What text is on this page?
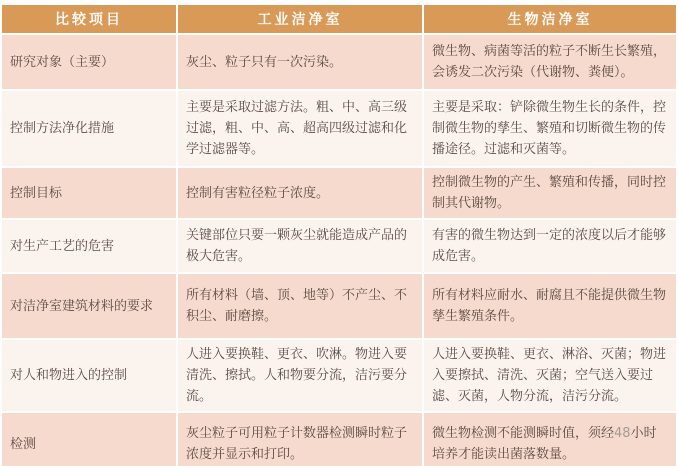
比较项目	工业洁净室	生物洁净室
研究对象（主要）	灰尘、粒子只有一次污染。	微生物、病菌等活的粒子不断生长繁殖，会诱发二次污染（代谢物、粪便）。
控制方法净化措施	主要是采取过滤方法。粗、中、高三级过滤，粗、中、高、超高四级过滤和化学过滤器等。	主要是采取：铲除微生物生长的条件，控制微生物的孳生、繁殖和切断微生物的传播途径。过滤和灭菌等。
控制目标	控制有害粒径粒子浓度。	控制微生物的产生、繁殖和传播，同时控制其代谢物。
对生产工艺的危害	关键部位只要一颗灰尘就能造成产品的极大危害。	有害的微生物达到一定的浓度以后才能够成危害。
对洁净室建筑材料的要求	所有材料（墙、顶、地等）不产尘、不积尘、耐磨擦。	所有材料应耐水、耐腐且不能提供微生物孳生繁殖条件。
对人和物进入的控制	人进入要换鞋、更衣、吹淋。物进入要清洗、擦拭。人和物要分流，洁污要分流。	人进入要换鞋、更衣、淋浴、灭菌；物进入要擦拭、清洗、灭菌；空气送入要过滤、灭菌，人物分流，洁污分流。
检测	灰尘粒子可用粒子计数器检测瞬时粒子浓度并显示和打印。	微生物检测不能测瞬时值，须经48小时培养才能读出菌落数量。
